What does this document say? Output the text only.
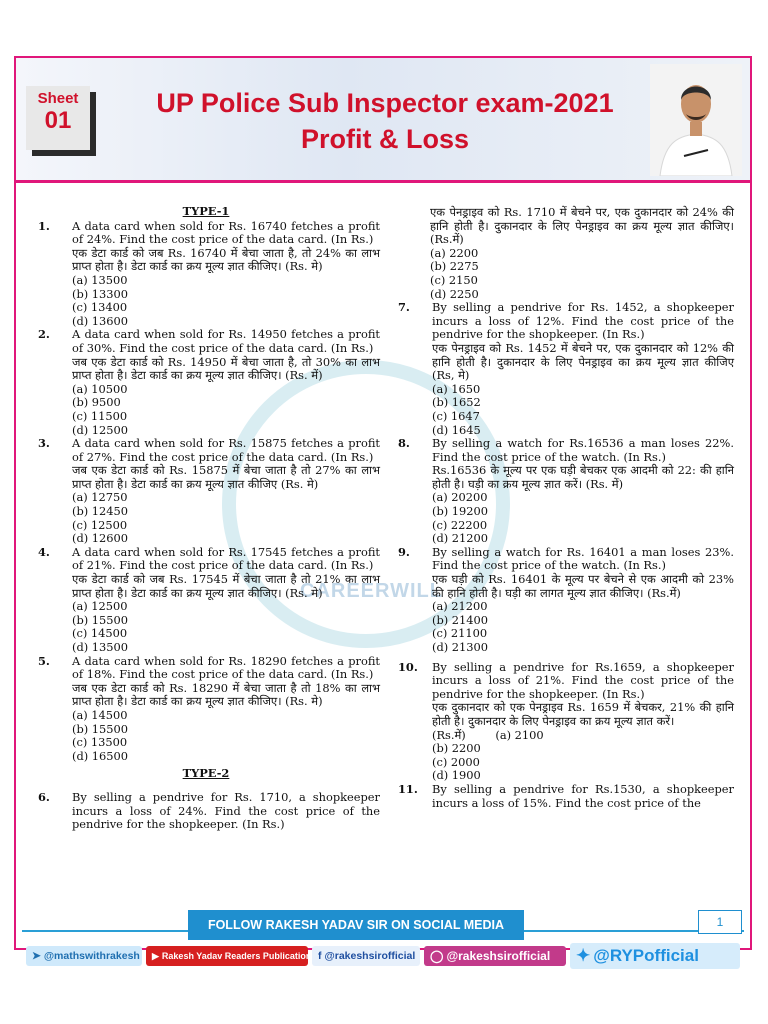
Sheet
01
UP Police Sub Inspector exam-2021
Profit & Loss
CAREERWILL
TYPE-1
1.	A data card when sold for Rs. 16740 fetches a profit of 24%. Find the cost price of the data card. (In Rs.)
एक डेटा कार्ड को जब Rs. 16740 में बेचा जाता है, तो 24% का लाभ प्राप्त होता है। डेटा कार्ड का क्रय मूल्य ज्ञात कीजिए। (Rs. मे)
(a) 13500
(b) 13300
(c) 13400
(d) 13600
2.	A data card when sold for Rs. 14950 fetches a profit of 30%. Find the cost price of the data card. (In Rs.)
जब एक डेटा कार्ड को Rs. 14950 में बेचा जाता है, तो 30% का लाभ प्राप्त होता है। डेटा कार्ड का क्रय मूल्य ज्ञात कीजिए। (Rs. में)
(a) 10500
(b) 9500
(c) 11500
(d) 12500
3.	A data card when sold for Rs. 15875 fetches a profit of 27%. Find the cost price of the data card. (In Rs.)
जब एक डेटा कार्ड को Rs. 15875 में बेचा जाता है तो 27% का लाभ प्राप्त होता है। डेटा कार्ड का क्रय मूल्य ज्ञात कीजिए (Rs. मे)
(a) 12750
(b) 12450
(c) 12500
(d) 12600
4.	A data card when sold for Rs. 17545 fetches a profit of 21%. Find the cost price of the data card. (In Rs.)
एक डेटा कार्ड को जब Rs. 17545 में बेचा जाता है तो 21% का लाभ प्राप्त होता है। डेटा कार्ड का क्रय मूल्य ज्ञात कीजिए। (Rs. मे)
(a) 12500
(b) 15500
(c) 14500
(d) 13500
5.	A data card when sold for Rs. 18290 fetches a profit of 18%. Find the cost price of the data card. (In Rs.)
जब एक डेटा कार्ड को Rs. 18290 में बेचा जाता है तो 18% का लाभ प्राप्त होता है। डेटा कार्ड का क्रय मूल्य ज्ञात कीजिए। (Rs. मे)
(a) 14500
(b) 15500
(c) 13500
(d) 16500
TYPE-2
6.	By selling a pendrive for Rs. 1710, a shopkeeper incurs a loss of 24%. Find the cost price of the pendrive for the shopkeeper. (In Rs.)
एक पेनड्राइव को Rs. 1710 में बेचने पर, एक दुकानदार को 24% की हानि होती है। दुकानदार के लिए पेनड्राइव का क्रय मूल्य ज्ञात कीजिए। (Rs.में)
(a) 2200
(b) 2275
(c) 2150
(d) 2250
7.	By selling a pendrive for Rs. 1452, a shopkeeper incurs a loss of 12%. Find the cost price of the pendrive for the shopkeeper. (In Rs.)
एक पेनड्राइव को Rs. 1452 में बेचने पर, एक दुकानदार को 12% की हानि होती है। दुकानदार के लिए पेनड्राइव का क्रय मूल्य ज्ञात कीजिए (Rs, मे)
(a) 1650
(b) 1652
(c) 1647
(d) 1645
8.	By selling a watch for Rs.16536 a man loses 22%. Find the cost price of the watch. (In Rs.)
Rs.16536 के मूल्य पर एक घड़ी बेचकर एक आदमी को 22: की हानि होती है। घड़ी का क्रय मूल्य ज्ञात करें। (Rs. में)
(a) 20200
(b) 19200
(c) 22200
(d) 21200
9.	By selling a watch for Rs. 16401 a man loses 23%. Find the cost price of the watch. (In Rs.)
एक घड़ी को Rs. 16401 के मूल्य पर बेचने से एक आदमी को 23% की हानि होती है। घड़ी का लागत मूल्य ज्ञात कीजिए। (Rs.में)
(a) 21200
(b) 21400
(c) 21100
(d) 21300
10.	By selling a pendrive for Rs.1659, a shopkeeper incurs a loss of 21%. Find the cost price of the pendrive for the shopkeeper. (In Rs.)
एक दुकानदार को एक पेनड्राइव Rs. 1659 में बेचकर, 21% की हानि होती है। दुकानदार के लिए पेनड्राइव का क्रय मूल्य ज्ञात करें।
(Rs.में)	(a) 2100
(b) 2200
(c) 2000
(d) 1900
11.	By selling a pendrive for Rs.1530, a shopkeeper incurs a loss of 15%. Find the cost price of the
FOLLOW RAKESH YADAV SIR ON SOCIAL MEDIA	1
➤ @mathswithrakesh	▶ Rakesh Yadav Readers Publication f @rakeshsirofficial	◯ @rakeshsirofficial	✦ @RYPofficial
